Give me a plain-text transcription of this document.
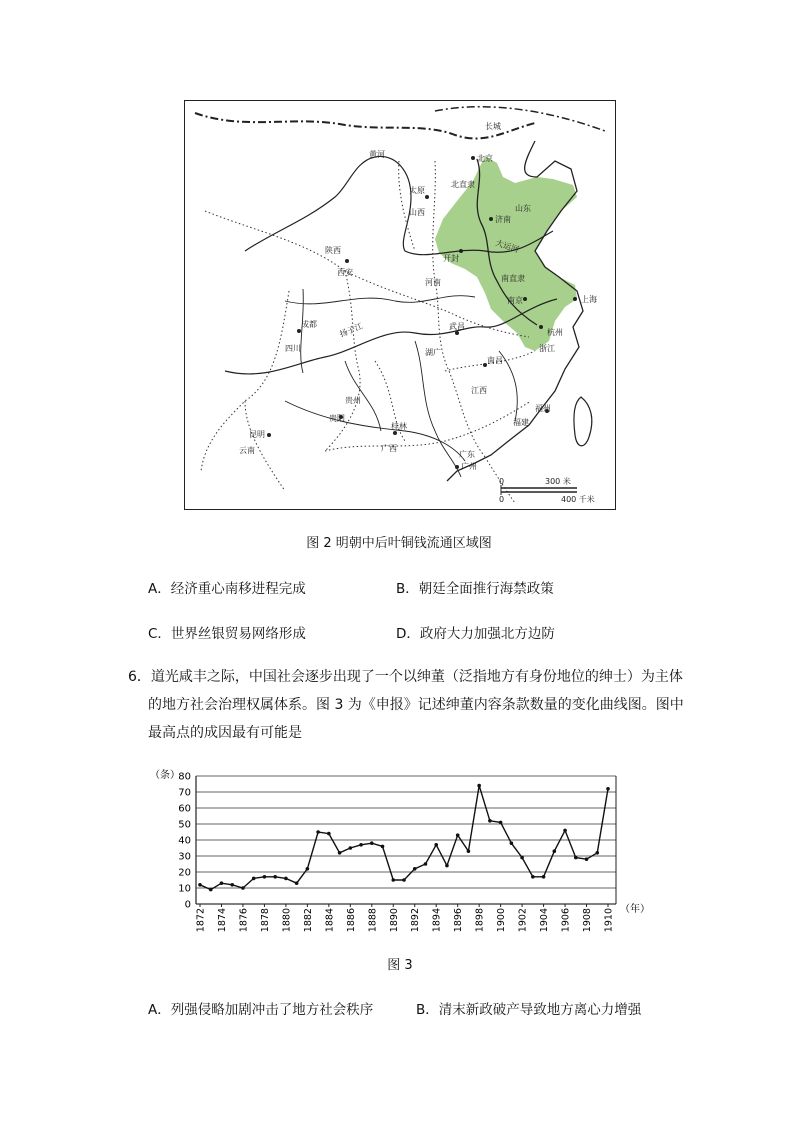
长城
黄河	北京
北直隶
太原
山西	山东
济南
大运河
陕西
西安
开封
河南	南直隶
南京	上海
成都
四川
扬子江	武昌
湖广
杭州
浙江
南昌
江西
贵州
贵阳
桂林
福州
福建
昆明
云南	广西
广东
广州
0	300 米
0	400 千米
图 2 明朝中后叶铜钱流通区域图
A．经济重心南移进程完成	B．朝廷全面推行海禁政策
C．世界丝银贸易网络形成	D．政府大力加强北方边防
6．道光咸丰之际，中国社会逐步出现了一个以绅董（泛指地方有身份地位的绅士）为主体
的地方社会治理权属体系。图 3 为《申报》记述绅董内容条款数量的变化曲线图。图中
最高点的成因最有可能是
0
10
20
30
40
50
60
70
80
（条）
1872 1874 1876 1878 1880 1882 1884 1886 1888 1890 1892 1894 1896 1898 1900 1902 1904 1906 1908 1910 （年）
图 3
A．列强侵略加剧冲击了地方社会秩序	B．清末新政破产导致地方离心力增强
